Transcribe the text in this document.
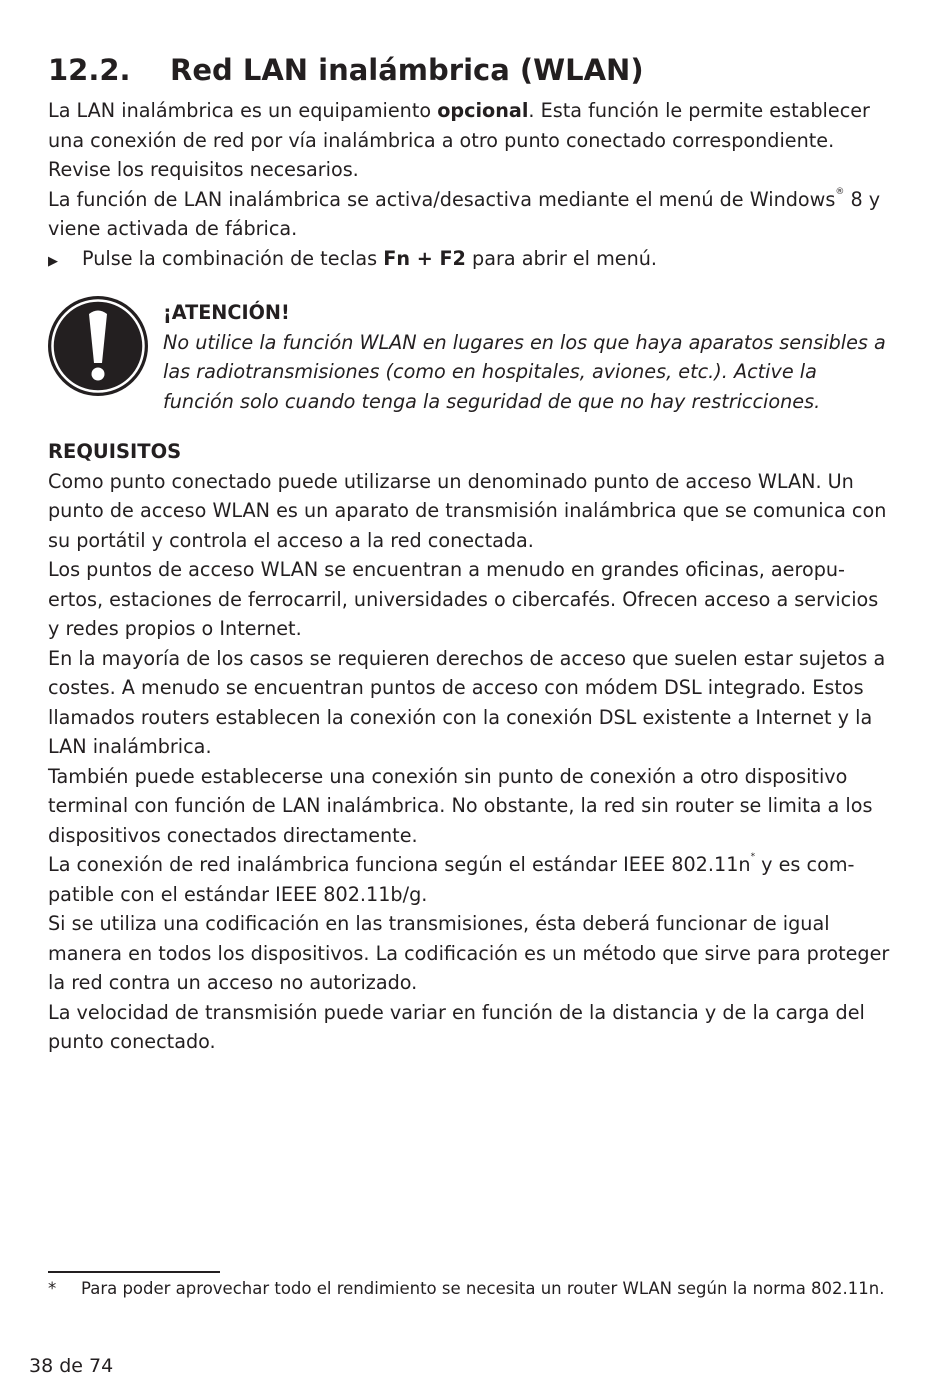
12.2. Red LAN inalámbrica (WLAN)

La LAN inalámbrica es un equipamiento opcional. Esta función le permite establecer una conexión de red por vía inalámbrica a otro punto conectado correspondiente. Revise los requisitos necesarios.

La función de LAN inalámbrica se activa/desactiva mediante el menú de Windows® 8 y viene activada de fábrica.

▶	Pulse la combinación de teclas Fn + F2 para abrir el menú.

¡ATENCIÓN!

No utilice la función WLAN en lugares en los que haya aparatos sensibles a las radiotransmisiones (como en hospitales, aviones, etc.). Active la función solo cuando tenga la seguridad de que no hay restricciones.

REQUISITOS

Como punto conectado puede utilizarse un denominado punto de acceso WLAN. Un punto de acceso WLAN es un aparato de transmisión inalámbrica que se comunica con su portátil y controla el acceso a la red conectada.

Los puntos de acceso WLAN se encuentran a menudo en grandes oficinas, aeropuertos, estaciones de ferrocarril, universidades o cibercafés. Ofrecen acceso a servicios y redes propios o Internet.

En la mayoría de los casos se requieren derechos de acceso que suelen estar sujetos a costes. A menudo se encuentran puntos de acceso con módem DSL integrado. Estos llamados routers establecen la conexión con la conexión DSL existente a Internet y la LAN inalámbrica.

También puede establecerse una conexión sin punto de conexión a otro dispositivo terminal con función de LAN inalámbrica. No obstante, la red sin router se limita a los dispositivos conectados directamente.

La conexión de red inalámbrica funciona según el estándar IEEE 802.11n* y es compatible con el estándar IEEE 802.11b/g.

Si se utiliza una codificación en las transmisiones, ésta deberá funcionar de igual manera en todos los dispositivos. La codificación es un método que sirve para proteger la red contra un acceso no autorizado.

La velocidad de transmisión puede variar en función de la distancia y de la carga del punto conectado.

*	Para poder aprovechar todo el rendimiento se necesita un router WLAN según la norma 802.11n.
38 de 74
